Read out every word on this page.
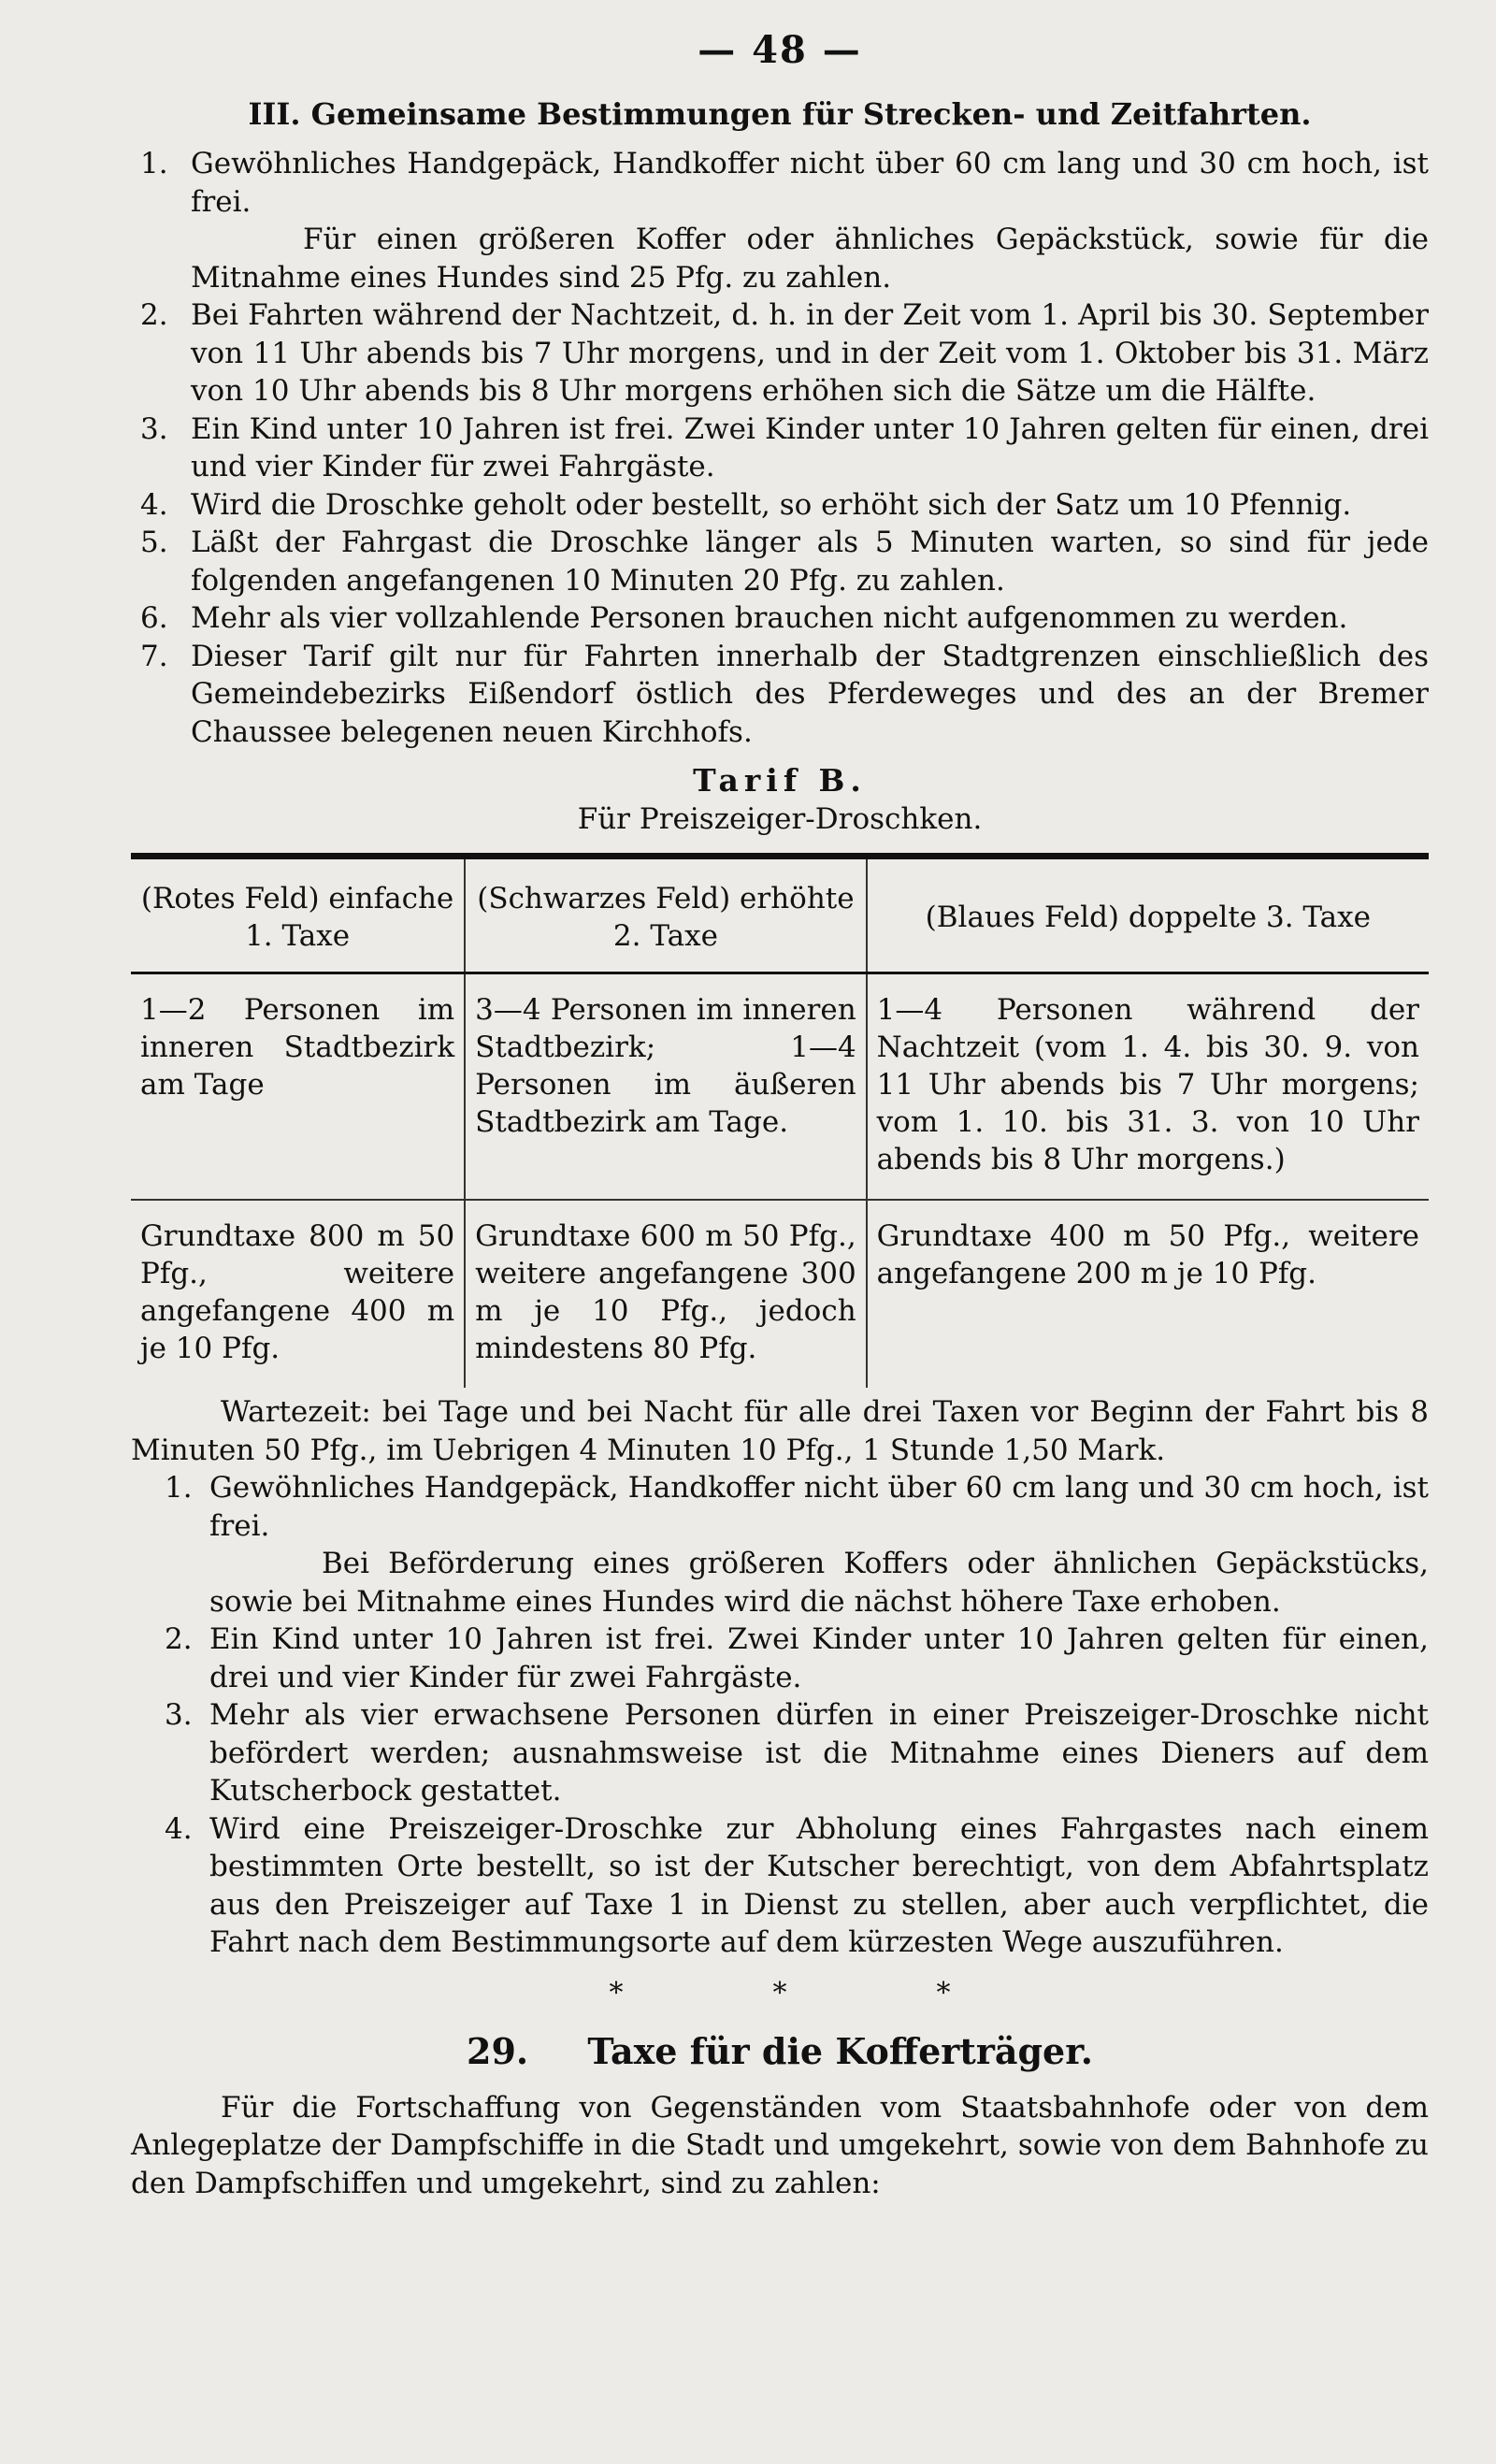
— 48 —
III. Gemeinsame Bestimmungen für Strecken- und Zeitfahrten.
1. Gewöhnliches Handgepäck, Handkoffer nicht über 60 cm lang und 30 cm hoch, ist frei.
Für einen größeren Koffer oder ähnliches Gepäckstück, sowie für die Mitnahme eines Hundes sind 25 Pfg. zu zahlen.
2. Bei Fahrten während der Nachtzeit, d. h. in der Zeit vom 1. April bis 30. September von 11 Uhr abends bis 7 Uhr morgens, und in der Zeit vom 1. Oktober bis 31. März von 10 Uhr abends bis 8 Uhr morgens erhöhen sich die Sätze um die Hälfte.
3. Ein Kind unter 10 Jahren ist frei. Zwei Kinder unter 10 Jahren gelten für einen, drei und vier Kinder für zwei Fahrgäste.
4. Wird die Droschke geholt oder bestellt, so erhöht sich der Satz um 10 Pfennig.
5. Läßt der Fahrgast die Droschke länger als 5 Minuten warten, so sind für jede folgenden angefangenen 10 Minuten 20 Pfg. zu zahlen.
6. Mehr als vier vollzahlende Personen brauchen nicht aufgenommen zu werden.
7. Dieser Tarif gilt nur für Fahrten innerhalb der Stadtgrenzen einschließlich des Gemeindebezirks Eißendorf östlich des Pferdeweges und des an der Bremer Chaussee belegenen neuen Kirchhofs.
Tarif B.
Für Preiszeiger-Droschken.
(Rotes Feld) einfache 1. Taxe	(Schwarzes Feld) erhöhte 2. Taxe	(Blaues Feld) doppelte 3. Taxe
1—2 Personen im inneren Stadtbezirk am Tage	3—4 Personen im inneren Stadtbezirk; 1—4 Personen im äußeren Stadtbezirk am Tage.	1—4 Personen während der Nachtzeit (vom 1. 4. bis 30. 9. von 11 Uhr abends bis 7 Uhr morgens; vom 1. 10. bis 31. 3. von 10 Uhr abends bis 8 Uhr morgens.)
Grundtaxe 800 m 50 Pfg., weitere angefangene 400 m je 10 Pfg.	Grundtaxe 600 m 50 Pfg., weitere angefangene 300 m je 10 Pfg., jedoch mindestens 80 Pfg.	Grundtaxe 400 m 50 Pfg., weitere angefangene 200 m je 10 Pfg.
Wartezeit: bei Tage und bei Nacht für alle drei Taxen vor Beginn der Fahrt bis 8 Minuten 50 Pfg., im Uebrigen 4 Minuten 10 Pfg., 1 Stunde 1,50 Mark.
1. Gewöhnliches Handgepäck, Handkoffer nicht über 60 cm lang und 30 cm hoch, ist frei.
Bei Beförderung eines größeren Koffers oder ähnlichen Gepäckstücks, sowie bei Mitnahme eines Hundes wird die nächst höhere Taxe erhoben.
2. Ein Kind unter 10 Jahren ist frei. Zwei Kinder unter 10 Jahren gelten für einen, drei und vier Kinder für zwei Fahrgäste.
3. Mehr als vier erwachsene Personen dürfen in einer Preiszeiger-Droschke nicht befördert werden; ausnahmsweise ist die Mitnahme eines Dieners auf dem Kutscherbock gestattet.
4. Wird eine Preiszeiger-Droschke zur Abholung eines Fahrgastes nach einem bestimmten Orte bestellt, so ist der Kutscher berechtigt, von dem Abfahrtsplatz aus den Preiszeiger auf Taxe 1 in Dienst zu stellen, aber auch verpflichtet, die Fahrt nach dem Bestimmungsorte auf dem kürzesten Wege auszuführen.
*	*	*
29. Taxe für die Kofferträger.
Für die Fortschaffung von Gegenständen vom Staatsbahnhofe oder von dem Anlegeplatze der Dampfschiffe in die Stadt und umgekehrt, sowie von dem Bahnhofe zu den Dampfschiffen und umgekehrt, sind zu zahlen:
